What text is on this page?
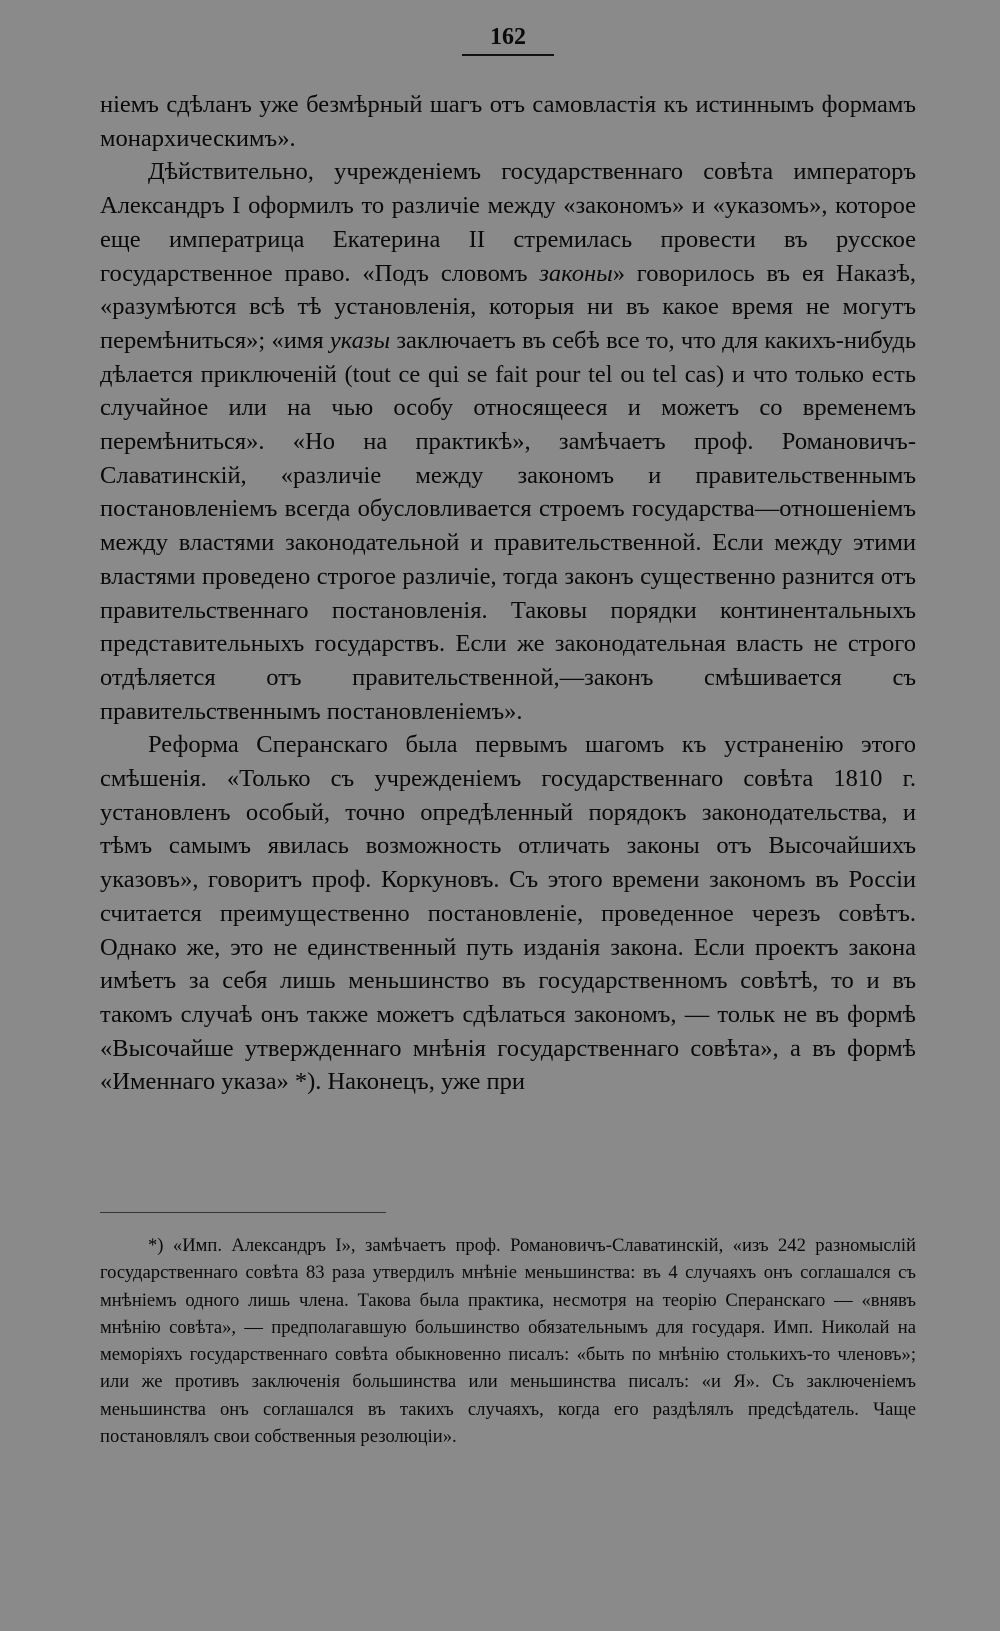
162

ніемъ сдѣланъ уже безмѣрный шагъ отъ самовластія къ истиннымъ формамъ монархическимъ».

Дѣйствительно, учрежденіемъ государственнаго совѣта императоръ Александръ I оформилъ то различіе между «закономъ» и «указомъ», которое еще императрица Екатерина II стремилась провести въ русское государственное право. «Подъ словомъ законы» говорилось въ ея Наказѣ, «разумѣются всѣ тѣ установленія, которыя ни въ какое время не могутъ перемѣниться»; «имя указы заключаетъ въ себѣ все то, что для какихъ-нибудь дѣлается приключеній (tout ce qui se fait pour tel ou tel cas) и что только есть случайное или на чью особу относящееся и можетъ со временемъ перемѣниться». «Но на практикѣ», замѣчаетъ проф. Романовичъ-Славатинскій, «различіе между закономъ и правительственнымъ постановленіемъ всегда обусловливается строемъ государства—отношеніемъ между властями законодательной и правительственной. Если между этими властями проведено строгое различіе, тогда законъ существенно разнится отъ правительственнаго постановленія. Таковы порядки континентальныхъ представительныхъ государствъ. Если же законодательная власть не строго отдѣляется отъ правительственной,—законъ смѣшивается съ правительственнымъ постановленіемъ».

Реформа Сперанскаго была первымъ шагомъ къ устраненію этого смѣшенія. «Только съ учрежденіемъ государственнаго совѣта 1810 г. установленъ особый, точно опредѣленный порядокъ законодательства, и тѣмъ самымъ явилась возможность отличать законы отъ Высочайшихъ указовъ», говоритъ проф. Коркуновъ. Съ этого времени закономъ въ Россіи считается преимущественно постановленіе, проведенное черезъ совѣтъ. Однако же, это не единственный путь изданія закона. Если проектъ закона имѣетъ за себя лишь меньшинство въ государственномъ совѣтѣ, то и въ такомъ случаѣ онъ также можетъ сдѣлаться закономъ, — тольк не въ формѣ «Высочайше утвержденнаго мнѣнія государственнаго совѣта», а въ формѣ «Именнаго указа» *). Наконецъ, уже при

*) «Имп. Александръ I», замѣчаетъ проф. Романовичъ-Славатинскій, «изъ 242 разномыслій государственнаго совѣта 83 раза утвердилъ мнѣніе меньшинства: въ 4 случаяхъ онъ соглашался съ мнѣніемъ одного лишь члена. Такова была практика, несмотря на теорію Сперанскаго — «внявъ мнѣнію совѣта», — предполагавшую большинство обязательнымъ для государя. Имп. Николай на меморіяхъ государственнаго совѣта обыкновенно писалъ: «быть по мнѣнію столькихъ-то членовъ»; или же противъ заключенія большинства или меньшинства писалъ: «и Я». Съ заключеніемъ меньшинства онъ соглашался въ такихъ случаяхъ, когда его раздѣлялъ предсѣдатель. Чаще постановлялъ свои собственныя резолюціи».
